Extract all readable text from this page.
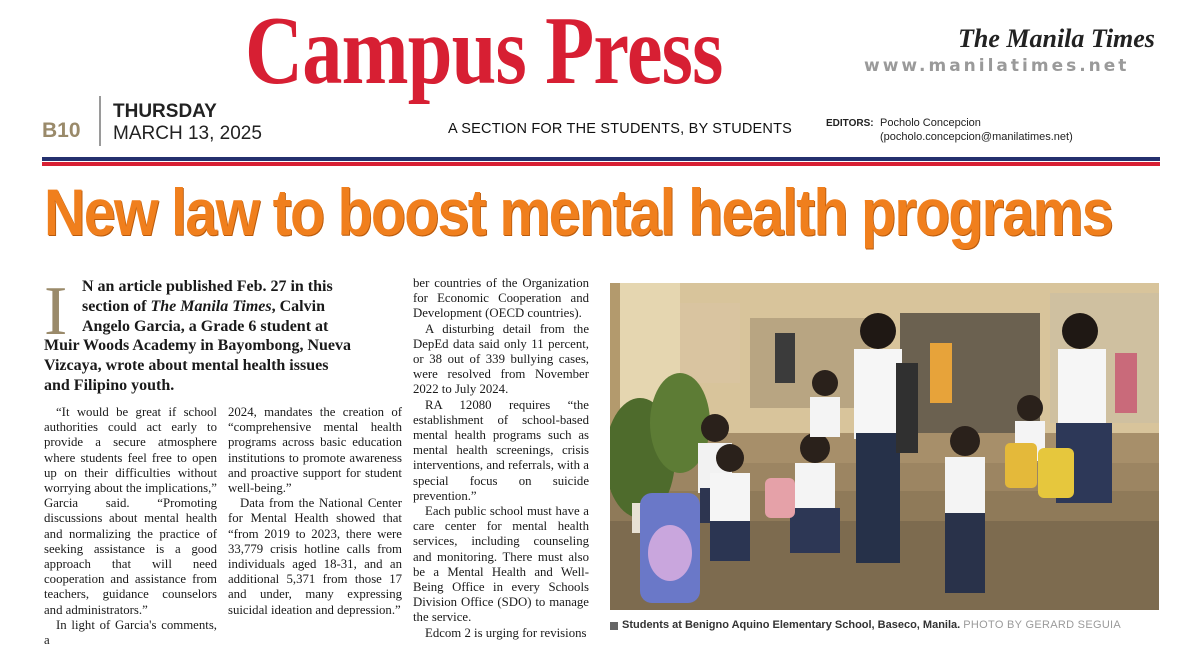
Campus Press
A SECTION FOR THE STUDENTS, BY STUDENTS
B10
THURSDAY
MARCH 13, 2025
The Manila Times
www.manilatimes.net
EDITORS: Pocholo Concepcion
(pocholo.concepcion@manilatimes.net)
New law to boost mental health programs
I N an article published Feb. 27 in this

section of The Manila Times, Calvin

Angelo Garcia, a Grade 6 student at

Muir Woods Academy in Bayombong, Nueva

Vizcaya, wrote about mental health issues

and Filipino youth.

“It would be great if school authorities could act early to provide a secure atmosphere where students feel free to open up on their difficulties without worrying about the implications,” Garcia said. “Promoting discussions about mental health and normalizing the practice of seeking assistance is a good approach that will need cooperation and assistance from teachers, guidance counselors and administrators.”

In light of Garcia's comments, a

2024, mandates the creation of “comprehensive mental health programs across basic education institutions to promote awareness and proactive support for student well-being.”

Data from the National Center for Mental Health showed that “from 2019 to 2023, there were 33,779 crisis hotline calls from individuals aged 18-31, and an additional 5,371 from those 17 and under, many expressing suicidal ideation and depression.”

ber countries of the Organization for Economic Cooperation and Development (OECD countries).

A disturbing detail from the DepEd data said only 11 percent, or 38 out of 339 bullying cases, were resolved from November 2022 to July 2024.

RA 12080 requires “the establishment of school-based mental health programs such as mental health screenings, crisis interventions, and referrals, with a special focus on suicide prevention.”

Each public school must have a care center for mental health services, including counseling and monitoring. There must also be a Mental Health and Well-Being Office in every Schools Division Office (SDO) to manage the service.

Edcom 2 is urging for revisions

Students at Benigno Aquino Elementary School, Baseco, Manila. PHOTO BY GERARD SEGUIA
